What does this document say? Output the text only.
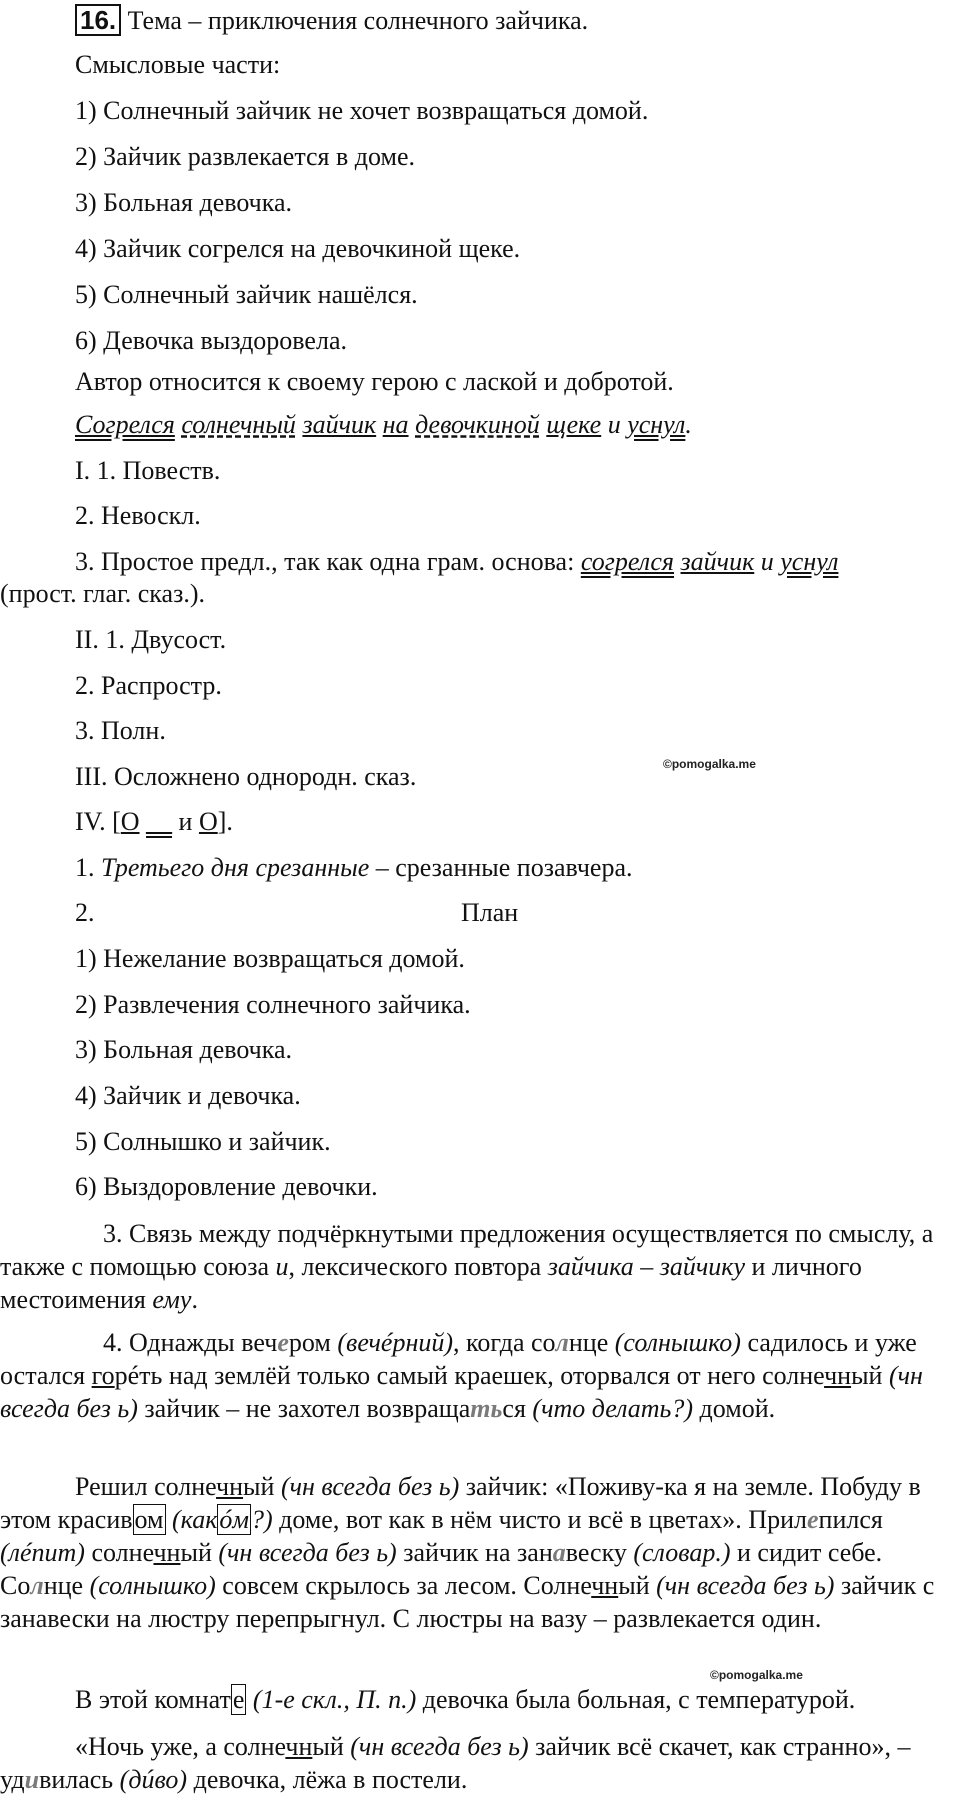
16. Тема – приключения солнечного зайчика.
Смысловые части:
1) Солнечный зайчик не хочет возвращаться домой.
2) Зайчик развлекается в доме.
3) Больная девочка.
4) Зайчик согрелся на девочкиной щеке.
5) Солнечный зайчик нашёлся.
6) Девочка выздоровела.
Автор относится к своему герою с лаской и добротой.
Согрелся солнечный зайчик на девочкиной щеке и уснул.
I. 1. Повеств.
2. Невоскл.
3. Простое предл., так как одна грам. основа: согрелся зайчик и уснул
(прост. глаг. сказ.).
II. 1. Двусост.
2. Распростр.
3. Полн.
III. Осложнено однородн. сказ.
IV. [О __ и О].
1. Третьего дня срезанные – срезанные позавчера.
2.	План
1) Нежелание возвращаться домой.
2) Развлечения солнечного зайчика.
3) Больная девочка.
4) Зайчик и девочка.
5) Солнышко и зайчик.
6) Выздоровление девочки.
3. Связь между подчёркнутыми предложения осуществляется по смыслу, а также с помощью союза и, лексического повтора зайчика – зайчику и личного местоимения ему.
4. Однажды вечером (вечéрний), когда солнце (солнышко) садилось и уже остался горéть над землёй только самый краешек, оторвался от него солнечный (чн всегда без ь) зайчик – не захотел возвращаться (что делать?) домой.
Решил солнечный (чн всегда без ь) зайчик: «Поживу-ка я на земле. Побуду в этом красивом (какóм?) доме, вот как в нём чисто и всё в цветах». Прилепился (лéпит) солнечный (чн всегда без ь) зайчик на занавеску (словар.) и сидит себе. Солнце (солнышко) совсем скрылось за лесом. Солнечный (чн всегда без ь) зайчик с занавески на люстру перепрыгнул. С люстры на вазу – развлекается один.
В этой комнате (1-е скл., П. п.) девочка была больная, с температурой.
«Ночь уже, а солнечный (чн всегда без ь) зайчик всё скачет, как странно», – удивилась (дúво) девочка, лёжа в постели.
©pomogalka.me
©pomogalka.me
